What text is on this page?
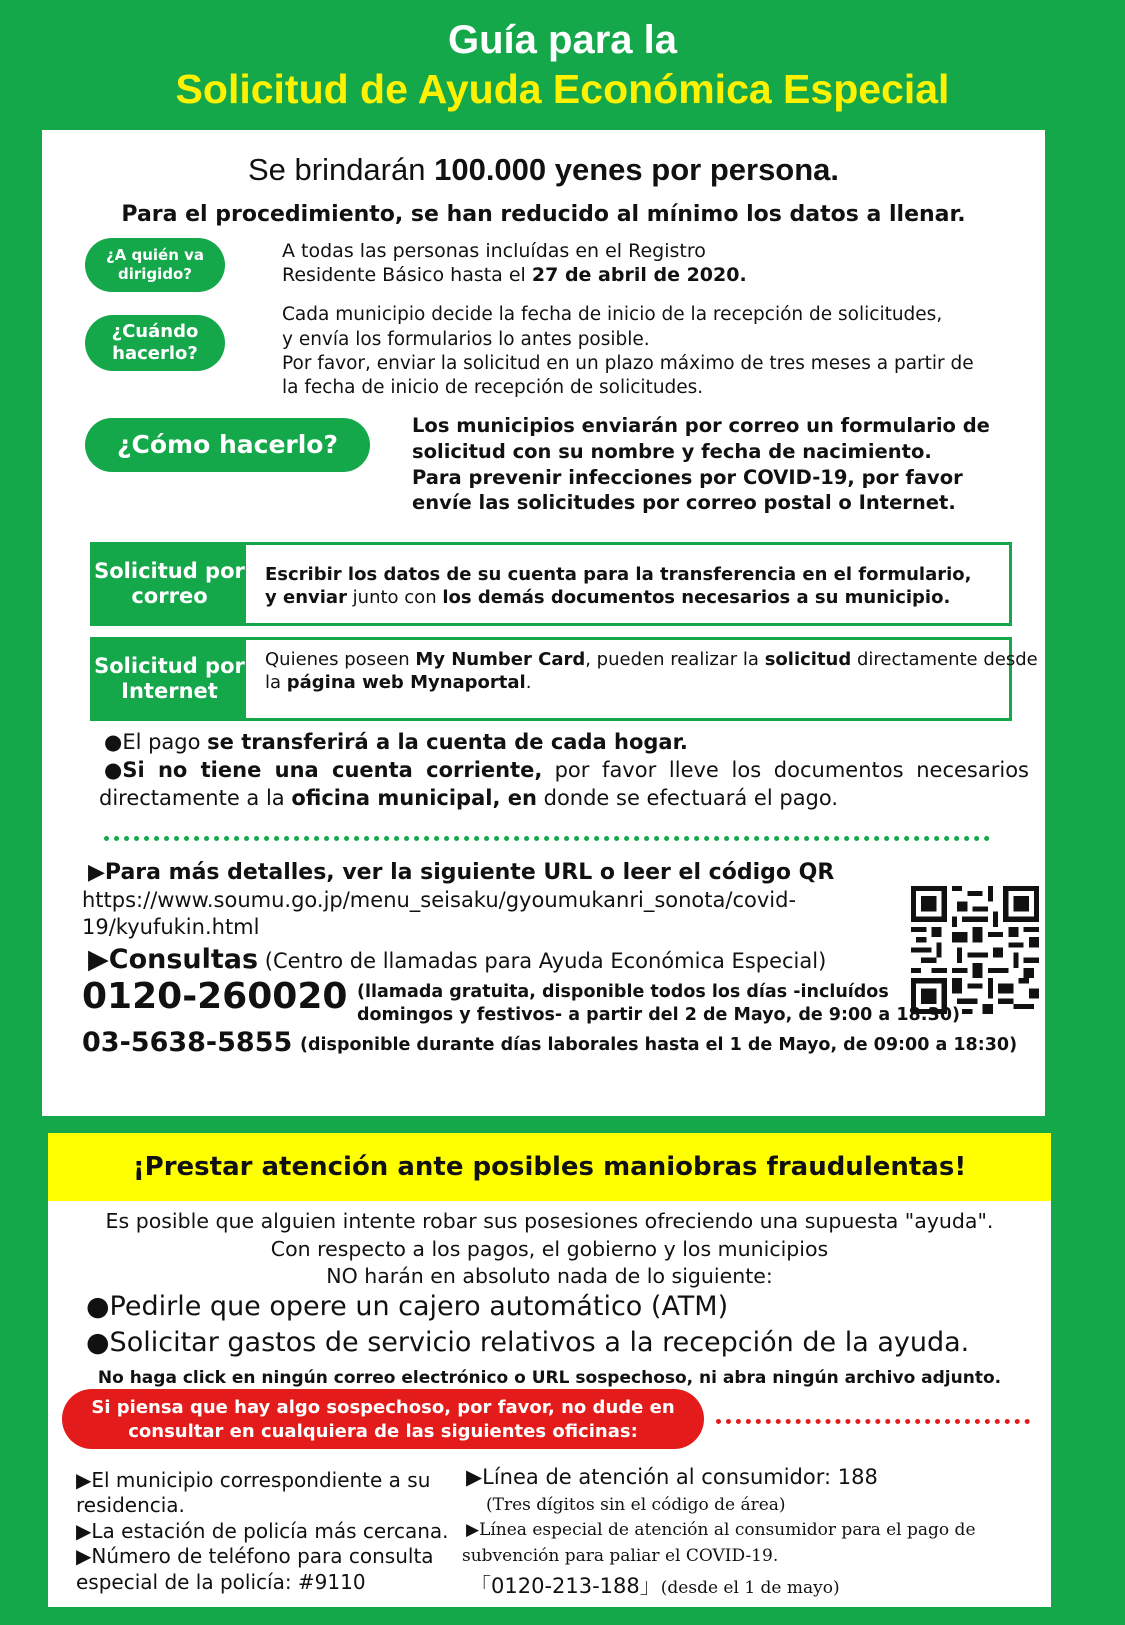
Guía para la
Solicitud de Ayuda Económica Especial
Se brindarán 100.000 yenes por persona.
Para el procedimiento, se han reducido al mínimo los datos a llenar.
¿A quién va dirigido?
A todas las personas incluídas en el Registro
Residente Básico hasta el 27 de abril de 2020.
¿Cuándo hacerlo?
Cada municipio decide la fecha de inicio de la recepción de solicitudes,
y envía los formularios lo antes posible.
Por favor, enviar la solicitud en un plazo máximo de tres meses a partir de
la fecha de inicio de recepción de solicitudes.
¿Cómo hacerlo?
Los municipios enviarán por correo un formulario de
solicitud con su nombre y fecha de nacimiento.
Para prevenir infecciones por COVID-19, por favor
envíe las solicitudes por correo postal o Internet.
Solicitud por correo
Escribir los datos de su cuenta para la transferencia en el formulario,
y enviar junto con los demás documentos necesarios a su municipio.
Solicitud por Internet
Quienes poseen My Number Card, pueden realizar la solicitud directamente desde
la página web Mynaportal.
●El pago se transferirá a la cuenta de cada hogar.
●Si no tiene una cuenta corriente, por favor lleve los documentos necesarios
directamente a la oficina municipal, en donde se efectuará el pago.
▶Para más detalles, ver la siguiente URL o leer el código QR
https://www.soumu.go.jp/menu_seisaku/gyoumukanri_sonota/covid-
19/kyufukin.html
▶Consultas (Centro de llamadas para Ayuda Económica Especial)
0120-260020 (llamada gratuita, disponible todos los días -incluídos
domingos y festivos- a partir del 2 de Mayo, de 9:00 a 18:30)
03-5638-5855 (disponible durante días laborales hasta el 1 de Mayo, de 09:00 a 18:30)
¡Prestar atención ante posibles maniobras fraudulentas!
Es posible que alguien intente robar sus posesiones ofreciendo una supuesta "ayuda".
Con respecto a los pagos, el gobierno y los municipios
NO harán en absoluto nada de lo siguiente:
●Pedirle que opere un cajero automático (ATM)
●Solicitar gastos de servicio relativos a la recepción de la ayuda.
No haga click en ningún correo electrónico o URL sospechoso, ni abra ningún archivo adjunto.
Si piensa que hay algo sospechoso, por favor, no dude en
consultar en cualquiera de las siguientes oficinas:
▶El municipio correspondiente a su
residencia.
▶La estación de policía más cercana.
▶Número de teléfono para consulta
especial de la policía: #9110
▶Línea de atención al consumidor: 188
(Tres dígitos sin el código de área)
▶Línea especial de atención al consumidor para el pago de
subvención para paliar el COVID-19.
「0120-213-188」(desde el 1 de mayo)
